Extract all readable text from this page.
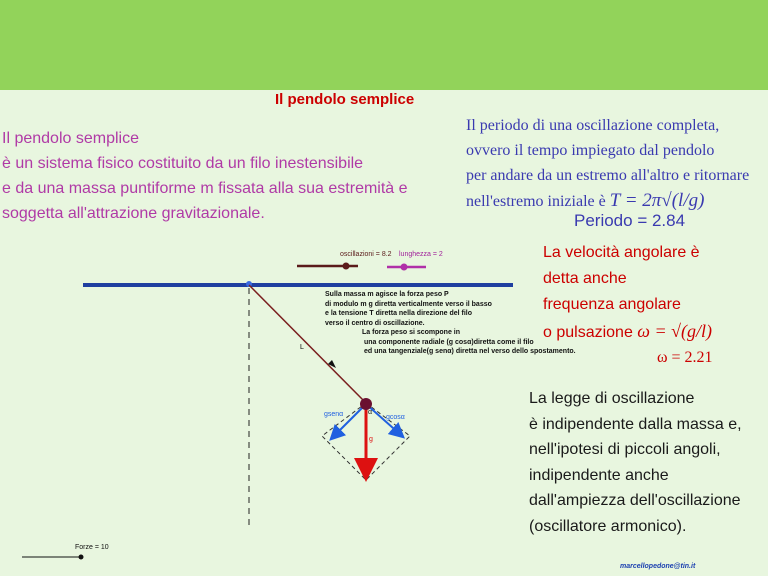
Il pendolo semplice
Il pendolo semplice
è un sistema fisico costituito da un filo inestensibile
e da una massa puntiforme m fissata alla sua estremità e
soggetta all'attrazione gravitazionale.
Il periodo di una oscillazione completa,
ovvero il tempo impiegato dal pendolo
per andare da un estremo all'altro e ritornare
nell'estremo iniziale è T = 2π√(l/g)
Periodo = 2.84
La velocità angolare è
detta anche
frequenza angolare
o pulsazione ω = √(g/l)
ω = 2.21
La legge di oscillazione
è indipendente dalla massa e,
nell'ipotesi di piccoli angoli,
indipendente anche
dall'ampiezza dell'oscillazione
(oscillatore armonico).
Sulla massa m agisce la forza peso P
di modulo m g diretta verticalmente verso il basso
e la tensione T diretta nella direzione del filo
verso il centro di oscillazione.
La forza peso si scompone in
una componente radiale (g cosα)diretta come il filo
ed una tangenziale(g senα) diretta nel verso dello spostamento.
oscillazioni = 8.2 lunghezza = 2
Forze = 10
marcellopedone@tin.it
L
gsenα	gcosα
g
α
